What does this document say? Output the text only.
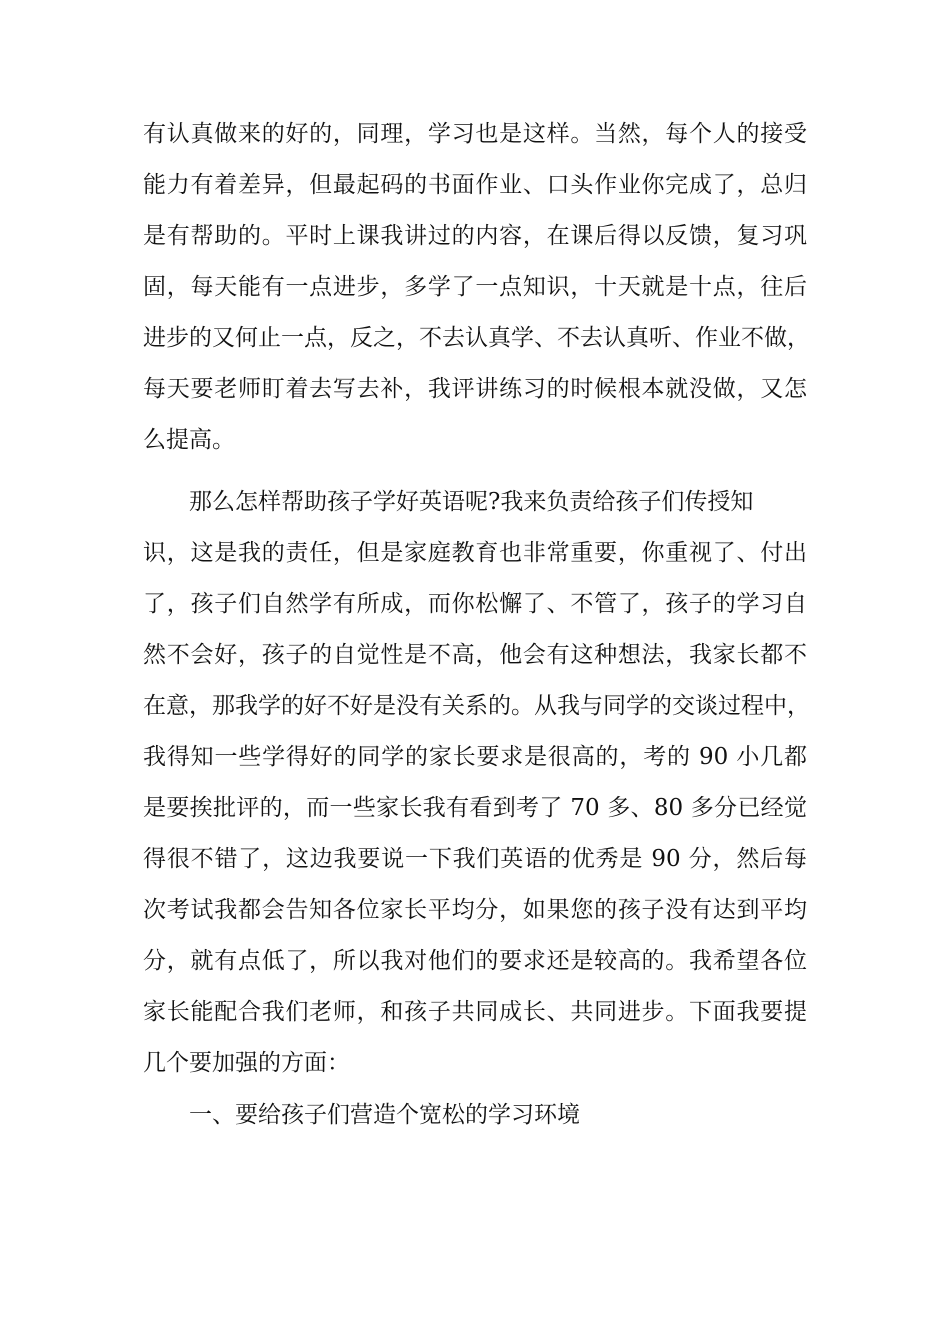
有认真做来的好的，同理，学习也是这样。当然，每个人的接受
能力有着差异，但最起码的书面作业、口头作业你完成了，总归
是有帮助的。平时上课我讲过的内容，在课后得以反馈，复习巩
固，每天能有一点进步，多学了一点知识，十天就是十点，往后
进步的又何止一点，反之，不去认真学、不去认真听、作业不做，
每天要老师盯着去写去补，我评讲练习的时候根本就没做，又怎
么提高。
那么怎样帮助孩子学好英语呢?我来负责给孩子们传授知
识，这是我的责任，但是家庭教育也非常重要，你重视了、付出
了，孩子们自然学有所成，而你松懈了、不管了，孩子的学习自
然不会好，孩子的自觉性是不高，他会有这种想法，我家长都不
在意，那我学的好不好是没有关系的。从我与同学的交谈过程中，
我得知一些学得好的同学的家长要求是很高的，考的 90 小几都
是要挨批评的，而一些家长我有看到考了 70 多、80 多分已经觉
得很不错了，这边我要说一下我们英语的优秀是 90 分，然后每
次考试我都会告知各位家长平均分，如果您的孩子没有达到平均
分，就有点低了，所以我对他们的要求还是较高的。我希望各位
家长能配合我们老师，和孩子共同成长、共同进步。下面我要提
几个要加强的方面：
一、要给孩子们营造个宽松的学习环境
